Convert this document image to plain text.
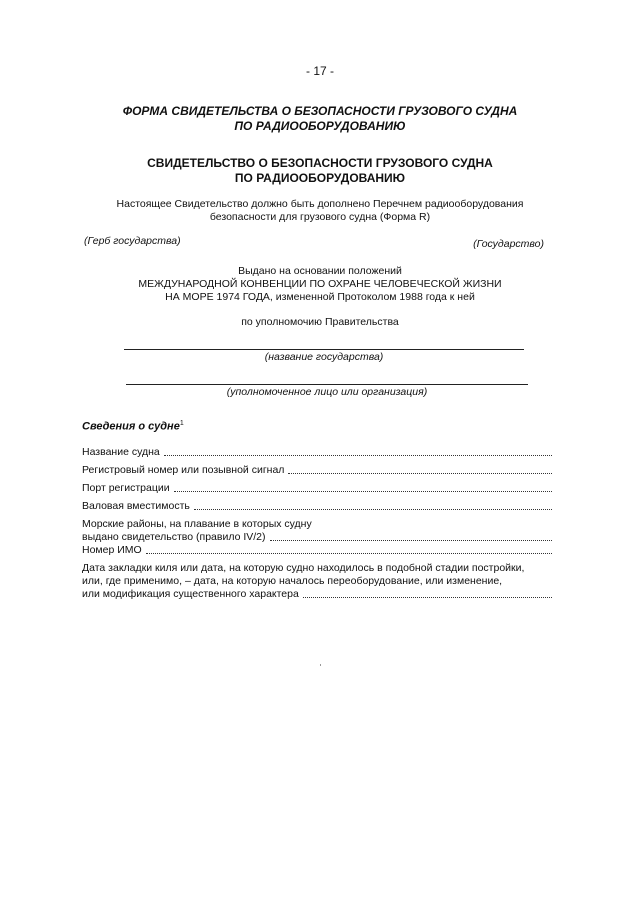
- 17 -
ФОРМА СВИДЕТЕЛЬСТВА О БЕЗОПАСНОСТИ ГРУЗОВОГО СУДНА
ПО РАДИООБОРУДОВАНИЮ
СВИДЕТЕЛЬСТВО О БЕЗОПАСНОСТИ ГРУЗОВОГО СУДНА
ПО РАДИООБОРУДОВАНИЮ
Настоящее Свидетельство должно быть дополнено Перечнем радиооборудования
безопасности для грузового судна (Форма R)
(Герб государства)	(Государство)
Выдано на основании положений
МЕЖДУНАРОДНОЙ КОНВЕНЦИИ ПО ОХРАНЕ ЧЕЛОВЕЧЕСКОЙ ЖИЗНИ
НА МОРЕ 1974 ГОДА, измененной Протоколом 1988 года к ней
по уполномочию Правительства
(название государства)
(уполномоченное лицо или организация)
Сведения о судне$^1$
Название судна
Регистровый номер или позывной сигнал
Порт регистрации
Валовая вместимость
Морские районы, на плавание в которых судну
выдано свидетельство (правило IV/2)
Номер ИМО
Дата закладки киля или дата, на которую судно находилось в подобной стадии постройки,
или, где применимо, – дата, на которую началось переоборудование, или изменение,
или модификация существенного характера
